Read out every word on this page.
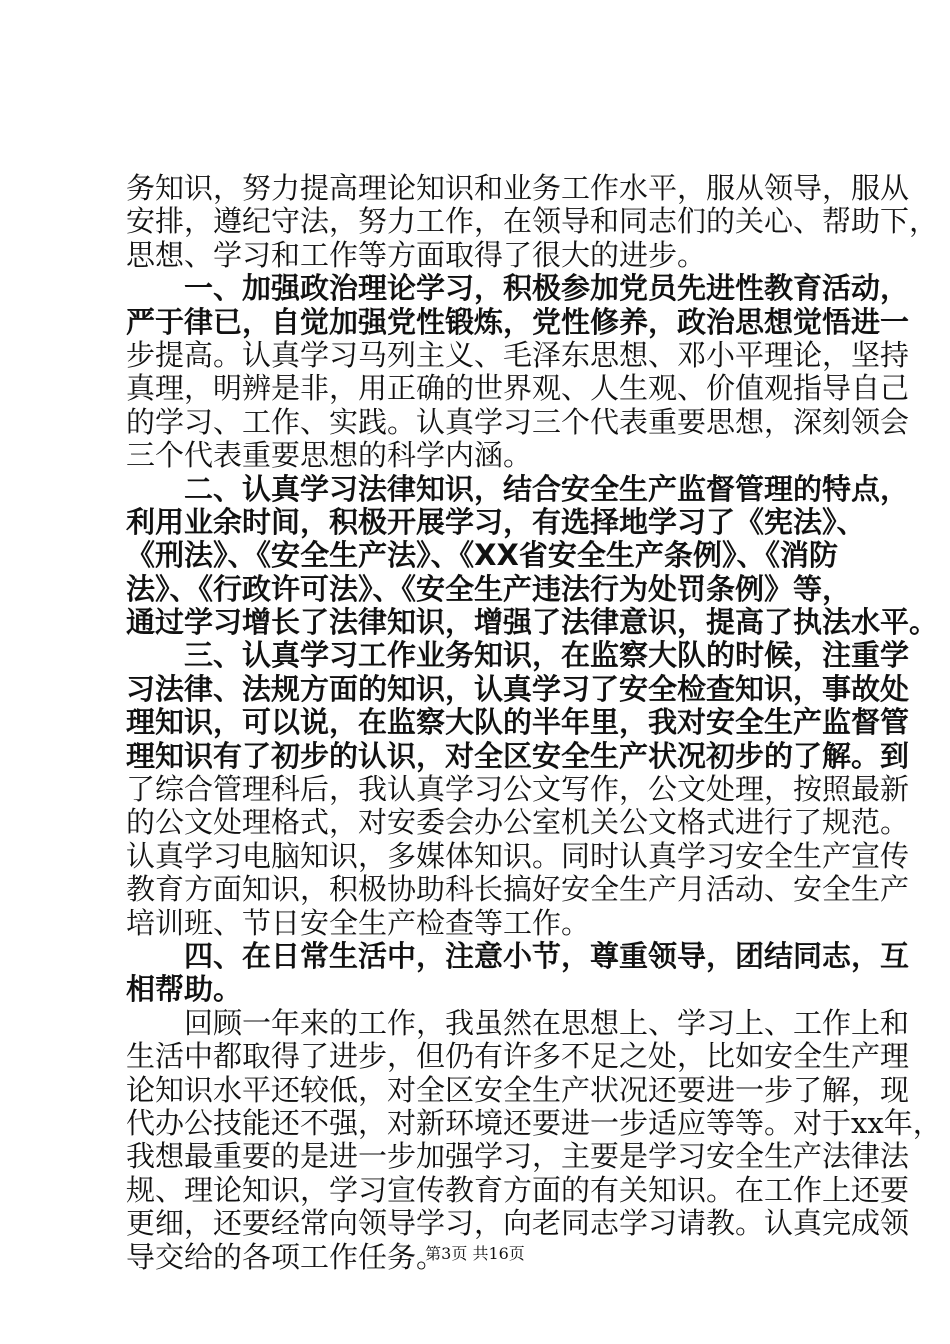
务知识，努力提高理论知识和业务工作水平，服从领导，服从
安排，遵纪守法，努力工作，在领导和同志们的关心、帮助下，
思想、学习和工作等方面取得了很大的进步。
一、加强政治理论学习，积极参加党员先进性教育活动，
严于律已，自觉加强党性锻炼，党性修养，政治思想觉悟进一
步提高。认真学习马列主义、毛泽东思想、邓小平理论，坚持
真理，明辨是非，用正确的世界观、人生观、价值观指导自己
的学习、工作、实践。认真学习三个代表重要思想，深刻领会
三个代表重要思想的科学内涵。
二、认真学习法律知识，结合安全生产监督管理的特点，
利用业余时间，积极开展学习，有选择地学习了《宪法》、
《刑法》、《安全生产法》、《XX省安全生产条例》、《消防
法》、《行政许可法》、《安全生产违法行为处罚条例》等，
通过学习增长了法律知识，增强了法律意识，提高了执法水平。
三、认真学习工作业务知识，在监察大队的时候，注重学
习法律、法规方面的知识，认真学习了安全检查知识，事故处
理知识，可以说，在监察大队的半年里，我对安全生产监督管
理知识有了初步的认识，对全区安全生产状况初步的了解。到
了综合管理科后，我认真学习公文写作，公文处理，按照最新
的公文处理格式，对安委会办公室机关公文格式进行了规范。
认真学习电脑知识，多媒体知识。同时认真学习安全生产宣传
教育方面知识，积极协助科长搞好安全生产月活动、安全生产
培训班、节日安全生产检查等工作。
四、在日常生活中，注意小节，尊重领导，团结同志，互
相帮助。
回顾一年来的工作，我虽然在思想上、学习上、工作上和
生活中都取得了进步，但仍有许多不足之处，比如安全生产理
论知识水平还较低，对全区安全生产状况还要进一步了解，现
代办公技能还不强，对新环境还要进一步适应等等。对于xx年，
我想最重要的是进一步加强学习，主要是学习安全生产法律法
规、理论知识，学习宣传教育方面的有关知识。在工作上还要
更细，还要经常向领导学习，向老同志学习请教。认真完成领
导交给的各项工作任务。
第3页 共16页
